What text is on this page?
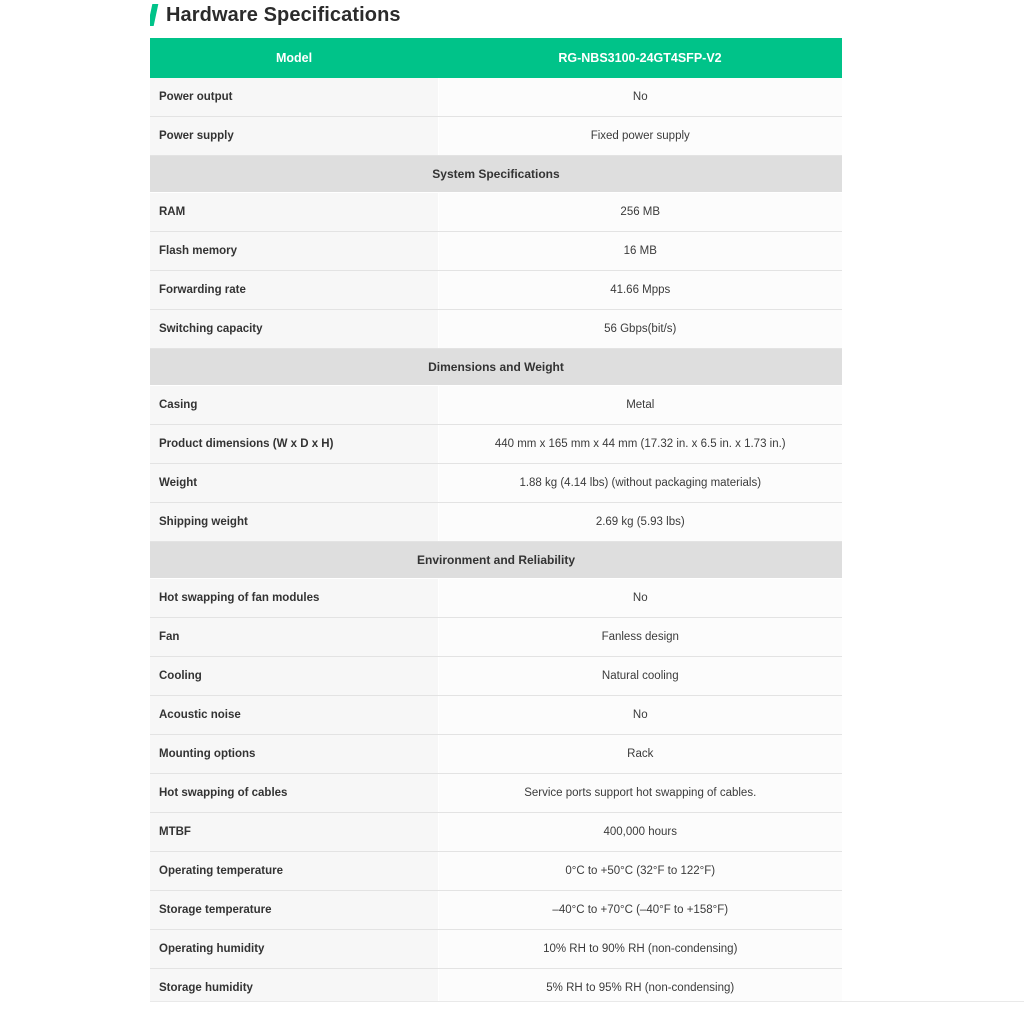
Hardware Specifications
Model	RG-NBS3100-24GT4SFP-V2
Power output	No
Power supply	Fixed power supply
System Specifications	
RAM	256 MB
Flash memory	16 MB
Forwarding rate	41.66 Mpps
Switching capacity	56 Gbps(bit/s)
Dimensions and Weight	
Casing	Metal
Product dimensions (W x D x H)	440 mm x 165 mm x 44 mm (17.32 in. x 6.5 in. x 1.73 in.)
Weight	1.88 kg (4.14 lbs) (without packaging materials)
Shipping weight	2.69 kg (5.93 lbs)
Environment and Reliability	
Hot swapping of fan modules	No
Fan	Fanless design
Cooling	Natural cooling
Acoustic noise	No
Mounting options	Rack
Hot swapping of cables	Service ports support hot swapping of cables.
MTBF	400,000 hours
Operating temperature	0°C to +50°C (32°F to 122°F)
Storage temperature	–40°C to +70°C (–40°F to +158°F)
Operating humidity	10% RH to 90% RH (non-condensing)
Storage humidity	5% RH to 95% RH (non-condensing)
